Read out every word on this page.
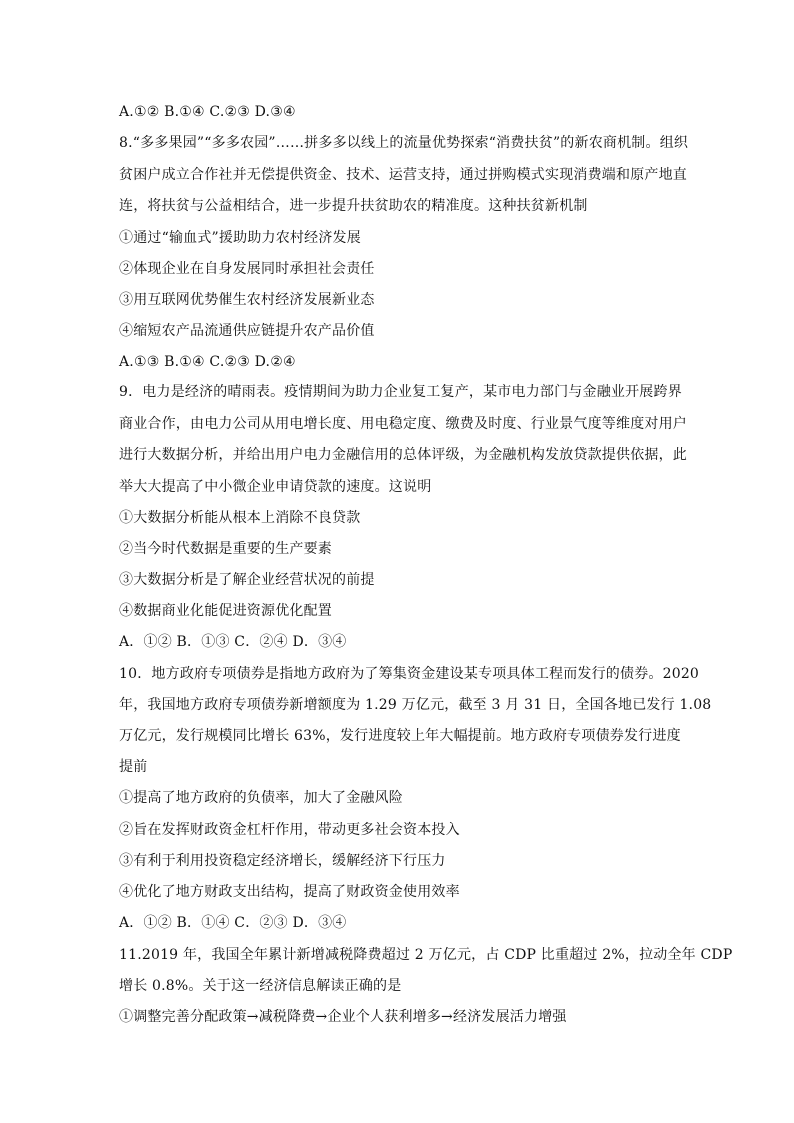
A.①② B.①④ C.②③ D.③④
8.“多多果园”“多多农园”……拼多多以线上的流量优势探索“消费扶贫”的新农商机制。组织
贫困户成立合作社并无偿提供资金、技术、运营支持，通过拼购模式实现消费端和原产地直
连，将扶贫与公益相结合，进一步提升扶贫助农的精准度。这种扶贫新机制
①通过“输血式”援助助力农村经济发展
②体现企业在自身发展同时承担社会责任
③用互联网优势催生农村经济发展新业态
④缩短农产品流通供应链提升农产品价值
A.①③ B.①④ C.②③ D.②④
9．电力是经济的晴雨表。疫情期间为助力企业复工复产，某市电力部门与金融业开展跨界
商业合作，由电力公司从用电增长度、用电稳定度、缴费及时度、行业景气度等维度对用户
进行大数据分析，并给出用户电力金融信用的总体评级，为金融机构发放贷款提供依据，此
举大大提高了中小微企业申请贷款的速度。这说明
①大数据分析能从根本上消除不良贷款
②当今时代数据是重要的生产要素
③大数据分析是了解企业经营状况的前提
④数据商业化能促进资源优化配置
A．①② B．①③ C．②④ D．③④
10．地方政府专项债券是指地方政府为了筹集资金建设某专项具体工程而发行的债券。2020
年，我国地方政府专项债券新增额度为 1.29 万亿元，截至 3 月 31 日，全国各地已发行 1.08
万亿元，发行规模同比增长 63%，发行进度较上年大幅提前。地方政府专项债券发行进度
提前
①提高了地方政府的负债率，加大了金融风险
②旨在发挥财政资金杠杆作用，带动更多社会资本投入
③有利于利用投资稳定经济增长，缓解经济下行压力
④优化了地方财政支出结构，提高了财政资金使用效率
A．①② B．①④ C．②③ D．③④
11.2019 年，我国全年累计新增减税降费超过 2 万亿元，占 CDP 比重超过 2%，拉动全年 CDP
增长 0.8%。关于这一经济信息解读正确的是
①调整完善分配政策→减税降费→企业个人获利增多→经济发展活力增强
